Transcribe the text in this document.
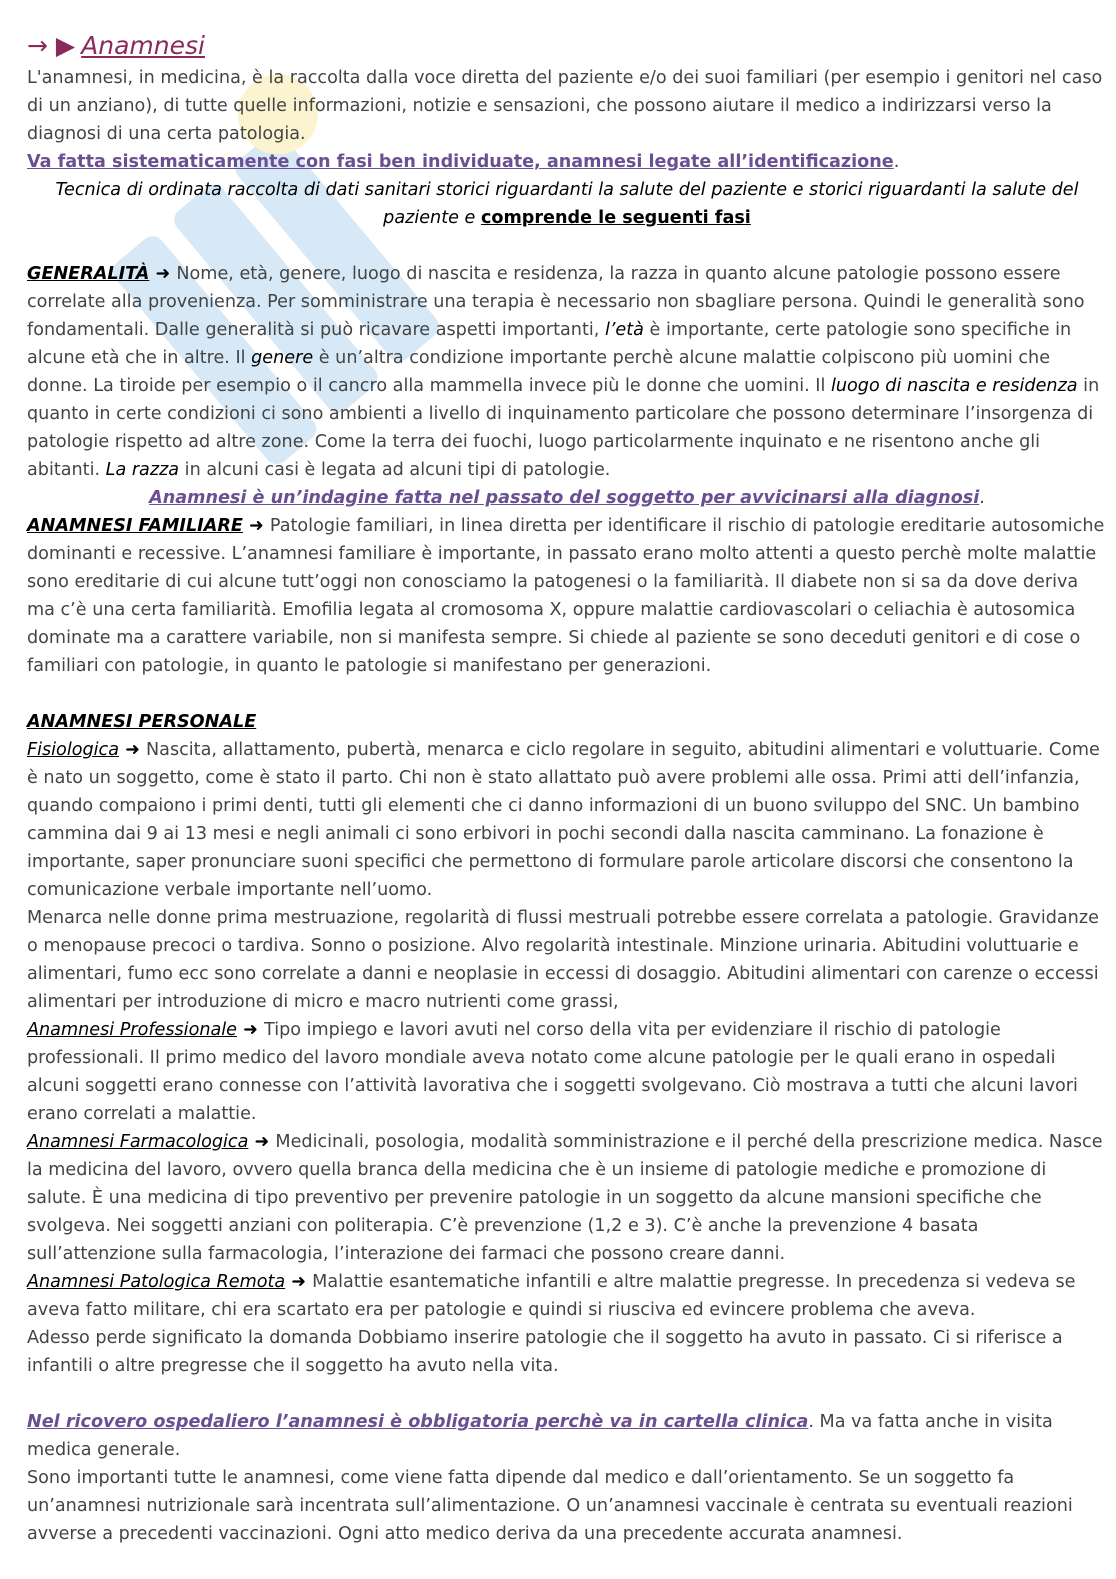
→ ▶ Anamnesi

L'anamnesi, in medicina, è la raccolta dalla voce diretta del paziente e/o dei suoi familiari (per esempio i genitori nel caso di un anziano), di tutte quelle informazioni, notizie e sensazioni, che possono aiutare il medico a indirizzarsi verso la diagnosi di una certa patologia.

Va fatta sistematicamente con fasi ben individuate, anamnesi legate all’identificazione.

Tecnica di ordinata raccolta di dati sanitari storici riguardanti la salute del paziente e storici riguardanti la salute del paziente e comprende le seguenti fasi

GENERALITÀ ➜ Nome, età, genere, luogo di nascita e residenza, la razza in quanto alcune patologie possono essere correlate alla provenienza. Per somministrare una terapia è necessario non sbagliare persona. Quindi le generalità sono fondamentali. Dalle generalità si può ricavare aspetti importanti, l’età è importante, certe patologie sono specifiche in alcune età che in altre. Il genere è un’altra condizione importante perchè alcune malattie colpiscono più uomini che donne. La tiroide per esempio o il cancro alla mammella invece più le donne che uomini. Il luogo di nascita e residenza in quanto in certe condizioni ci sono ambienti a livello di inquinamento particolare che possono determinare l’insorgenza di patologie rispetto ad altre zone. Come la terra dei fuochi, luogo particolarmente inquinato e ne risentono anche gli abitanti. La razza in alcuni casi è legata ad alcuni tipi di patologie.

Anamnesi è un’indagine fatta nel passato del soggetto per avvicinarsi alla diagnosi.

ANAMNESI FAMILIARE ➜ Patologie familiari, in linea diretta per identificare il rischio di patologie ereditarie autosomiche dominanti e recessive. L’anamnesi familiare è importante, in passato erano molto attenti a questo perchè molte malattie sono ereditarie di cui alcune tutt’oggi non conosciamo la patogenesi o la familiarità. Il diabete non si sa da dove deriva ma c’è una certa familiarità. Emofilia legata al cromosoma X, oppure malattie cardiovascolari o celiachia è autosomica dominate ma a carattere variabile, non si manifesta sempre. Si chiede al paziente se sono deceduti genitori e di cose o familiari con patologie, in quanto le patologie si manifestano per generazioni.

ANAMNESI PERSONALE

Fisiologica ➜ Nascita, allattamento, pubertà, menarca e ciclo regolare in seguito, abitudini alimentari e voluttuarie. Come è nato un soggetto, come è stato il parto. Chi non è stato allattato può avere problemi alle ossa. Primi atti dell’infanzia, quando compaiono i primi denti, tutti gli elementi che ci danno informazioni di un buono sviluppo del SNC. Un bambino cammina dai 9 ai 13 mesi e negli animali ci sono erbivori in pochi secondi dalla nascita camminano. La fonazione è importante, saper pronunciare suoni specifici che permettono di formulare parole articolare discorsi che consentono la comunicazione verbale importante nell’uomo.

Menarca nelle donne prima mestruazione, regolarità di flussi mestruali potrebbe essere correlata a patologie. Gravidanze o menopause precoci o tardiva. Sonno o posizione. Alvo regolarità intestinale. Minzione urinaria. Abitudini voluttuarie e alimentari, fumo ecc sono correlate a danni e neoplasie in eccessi di dosaggio. Abitudini alimentari con carenze o eccessi alimentari per introduzione di micro e macro nutrienti come grassi,

Anamnesi Professionale ➜ Tipo impiego e lavori avuti nel corso della vita per evidenziare il rischio di patologie professionali. Il primo medico del lavoro mondiale aveva notato come alcune patologie per le quali erano in ospedali alcuni soggetti erano connesse con l’attività lavorativa che i soggetti svolgevano. Ciò mostrava a tutti che alcuni lavori erano correlati a malattie.

Anamnesi Farmacologica ➜ Medicinali, posologia, modalità somministrazione e il perché della prescrizione medica. Nasce la medicina del lavoro, ovvero quella branca della medicina che è un insieme di patologie mediche e promozione di salute. È una medicina di tipo preventivo per prevenire patologie in un soggetto da alcune mansioni specifiche che svolgeva. Nei soggetti anziani con politerapia. C’è prevenzione (1,2 e 3). C’è anche la prevenzione 4 basata sull’attenzione sulla farmacologia, l’interazione dei farmaci che possono creare danni.

Anamnesi Patologica Remota ➜ Malattie esantematiche infantili e altre malattie pregresse. In precedenza si vedeva se aveva fatto militare, chi era scartato era per patologie e quindi si riusciva ed evincere problema che aveva.

Adesso perde significato la domanda Dobbiamo inserire patologie che il soggetto ha avuto in passato. Ci si riferisce a infantili o altre pregresse che il soggetto ha avuto nella vita.

Nel ricovero ospedaliero l’anamnesi è obbligatoria perchè va in cartella clinica. Ma va fatta anche in visita medica generale.

Sono importanti tutte le anamnesi, come viene fatta dipende dal medico e dall’orientamento. Se un soggetto fa un’anamnesi nutrizionale sarà incentrata sull’alimentazione. O un’anamnesi vaccinale è centrata su eventuali reazioni avverse a precedenti vaccinazioni. Ogni atto medico deriva da una precedente accurata anamnesi.
